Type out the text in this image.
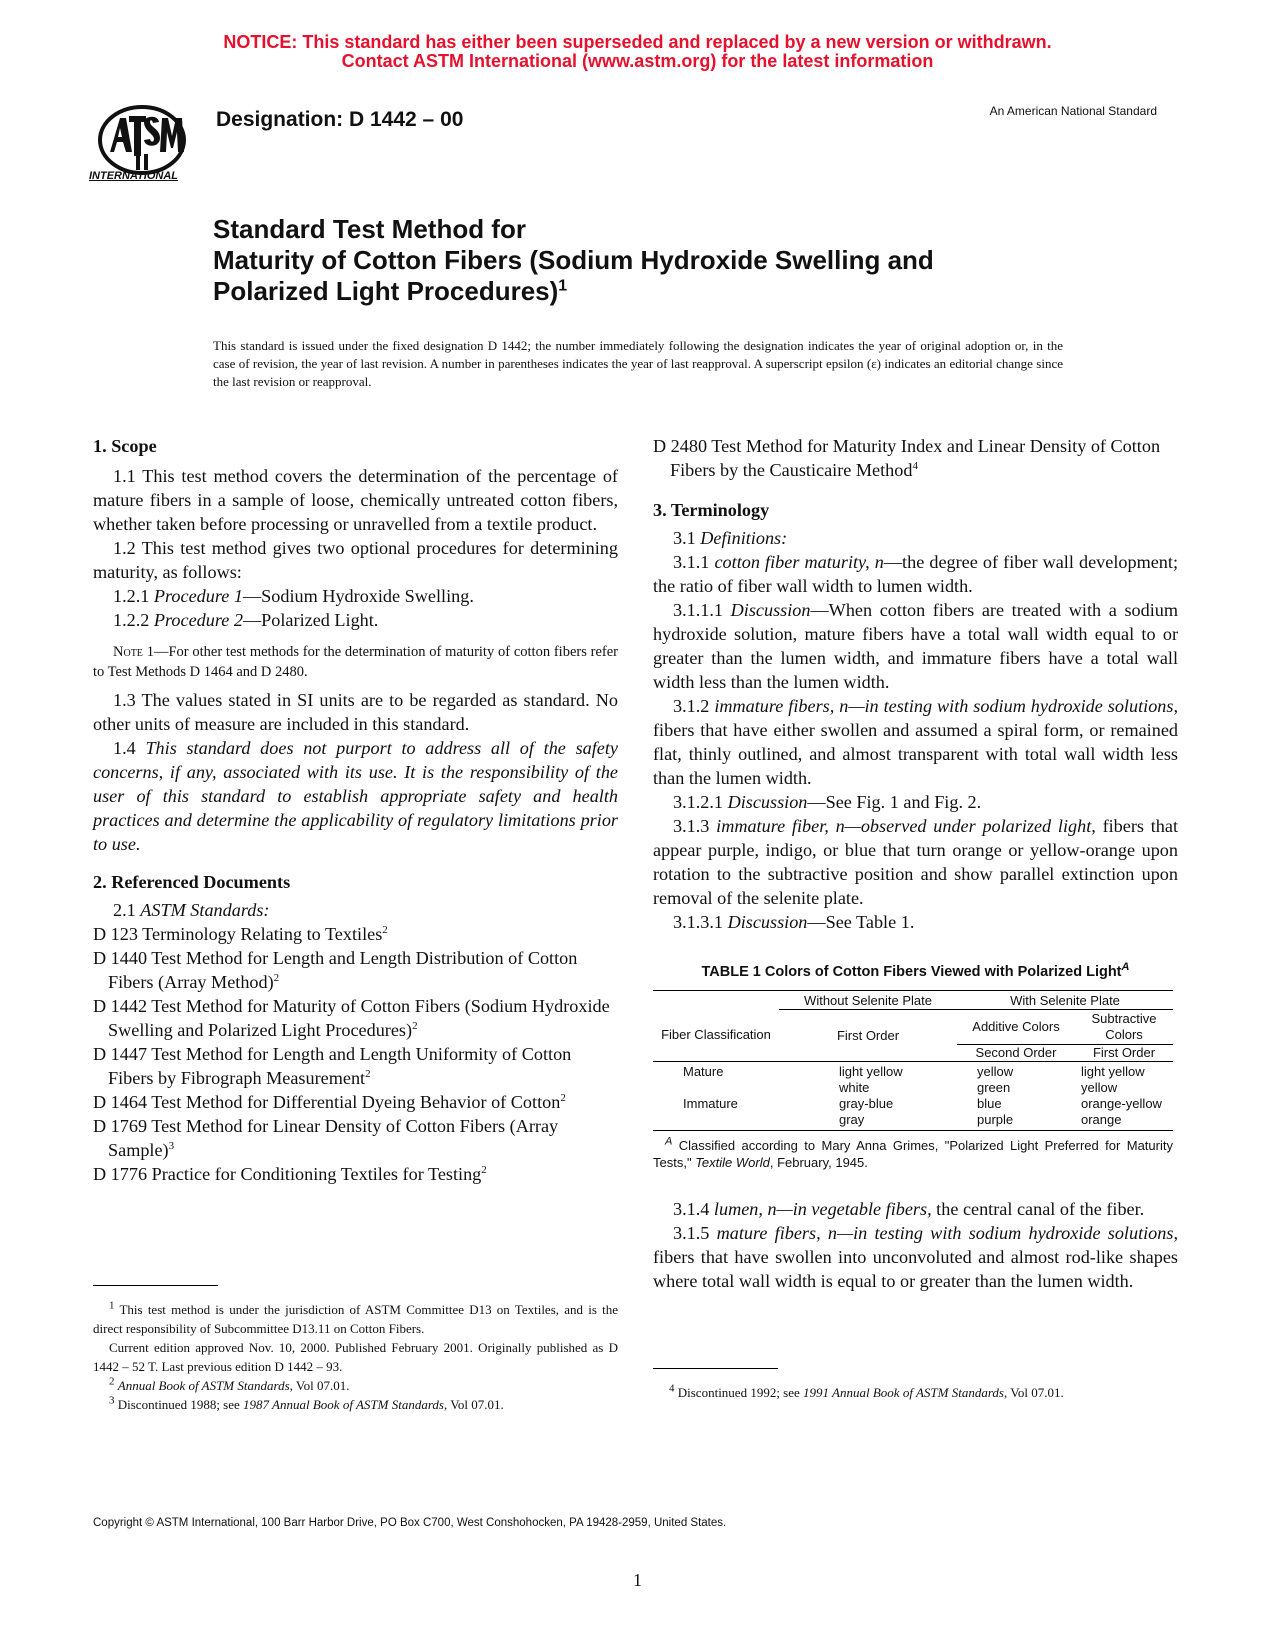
NOTICE: This standard has either been superseded and replaced by a new version or withdrawn.
Contact ASTM International (www.astm.org) for the latest information
INTERNATIONAL
Designation: D 1442 – 00	An American National Standard
Standard Test Method for
Maturity of Cotton Fibers (Sodium Hydroxide Swelling and
Polarized Light Procedures)$^1$
This standard is issued under the fixed designation D 1442; the number immediately following the designation indicates the year of original adoption or, in the case of revision, the year of last revision. A number in parentheses indicates the year of last reapproval. A superscript epsilon (ε) indicates an editorial change since the last revision or reapproval.
1. Scope

1.1 This test method covers the determination of the percentage of mature fibers in a sample of loose, chemically untreated cotton fibers, whether taken before processing or unravelled from a textile product.

1.2 This test method gives two optional procedures for determining maturity, as follows:

1.2.1 Procedure 1—Sodium Hydroxide Swelling.

1.2.2 Procedure 2—Polarized Light.

Note 1—For other test methods for the determination of maturity of cotton fibers refer to Test Methods D 1464 and D 2480.

1.3 The values stated in SI units are to be regarded as standard. No other units of measure are included in this standard.

1.4 This standard does not purport to address all of the safety concerns, if any, associated with its use. It is the responsibility of the user of this standard to establish appropriate safety and health practices and determine the applicability of regulatory limitations prior to use.

2. Referenced Documents

2.1 ASTM Standards:

D 123 Terminology Relating to Textiles$^2$

D 1440 Test Method for Length and Length Distribution of Cotton Fibers (Array Method)$^2$

D 1442 Test Method for Maturity of Cotton Fibers (Sodium Hydroxide Swelling and Polarized Light Procedures)$^2$

D 1447 Test Method for Length and Length Uniformity of Cotton Fibers by Fibrograph Measurement$^2$

D 1464 Test Method for Differential Dyeing Behavior of Cotton$^2$

D 1769 Test Method for Linear Density of Cotton Fibers (Array Sample)$^3$

D 1776 Practice for Conditioning Textiles for Testing$^2$

$^1$ This test method is under the jurisdiction of ASTM Committee D13 on Textiles, and is the direct responsibility of Subcommittee D13.11 on Cotton Fibers.

Current edition approved Nov. 10, 2000. Published February 2001. Originally published as D 1442 – 52 T. Last previous edition D 1442 – 93.

$^2$ Annual Book of ASTM Standards, Vol 07.01.

$^3$ Discontinued 1988; see 1987 Annual Book of ASTM Standards, Vol 07.01.

D 2480 Test Method for Maturity Index and Linear Density of Cotton Fibers by the Causticaire Method$^4$

3. Terminology

3.1 Definitions:

3.1.1 cotton fiber maturity, n—the degree of fiber wall development; the ratio of fiber wall width to lumen width.

3.1.1.1 Discussion—When cotton fibers are treated with a sodium hydroxide solution, mature fibers have a total wall width equal to or greater than the lumen width, and immature fibers have a total wall width less than the lumen width.

3.1.2 immature fibers, n—in testing with sodium hydroxide solutions, fibers that have either swollen and assumed a spiral form, or remained flat, thinly outlined, and almost transparent with total wall width less than the lumen width.

3.1.2.1 Discussion—See Fig. 1 and Fig. 2.

3.1.3 immature fiber, n—observed under polarized light, fibers that appear purple, indigo, or blue that turn orange or yellow-orange upon rotation to the subtractive position and show parallel extinction upon removal of the selenite plate.

3.1.3.1 Discussion—See Table 1.

TABLE 1 Colors of Cotton Fibers Viewed with Polarized Light$^A$
	Without Selenite Plate	With Selenite Plate	
Fiber Classification	First Order	Additive Colors	Subtractive Colors
		Second Order	First Order
Mature	light yellow	yellow	light yellow
	white	green	yellow
Immature	gray-blue	blue	orange-yellow
	gray	purple	orange

$^A$ Classified according to Mary Anna Grimes, "Polarized Light Preferred for Maturity Tests," Textile World, February, 1945.

3.1.4 lumen, n—in vegetable fibers, the central canal of the fiber.

3.1.5 mature fibers, n—in testing with sodium hydroxide solutions, fibers that have swollen into unconvoluted and almost rod-like shapes where total wall width is equal to or greater than the lumen width.

$^4$ Discontinued 1992; see 1991 Annual Book of ASTM Standards, Vol 07.01.

Copyright © ASTM International, 100 Barr Harbor Drive, PO Box C700, West Conshohocken, PA 19428-2959, United States.
1
